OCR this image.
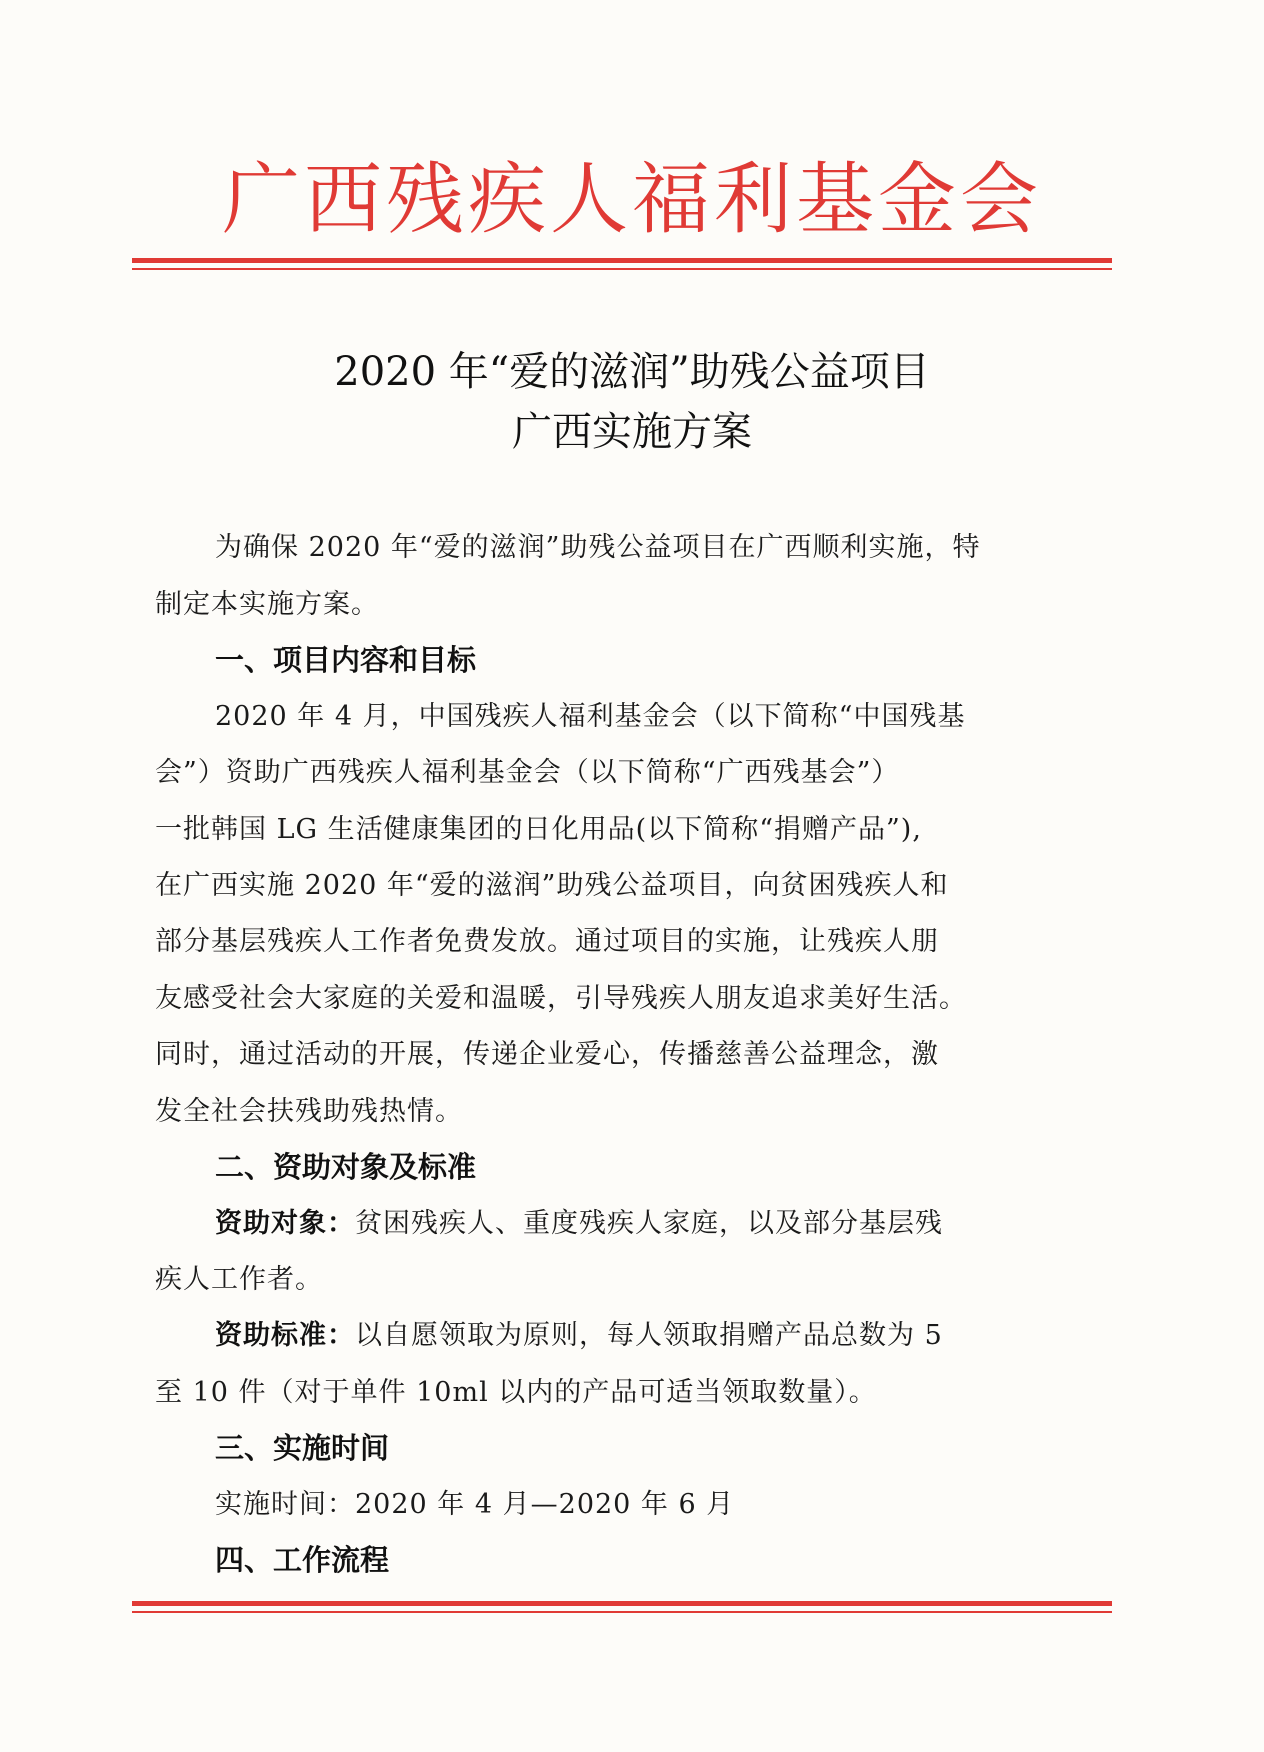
广西残疾人福利基金会
2020 年“爱的滋润”助残公益项目
广西实施方案
为确保 2020 年“爱的滋润”助残公益项目在广西顺利实施，特
制定本实施方案。
一、项目内容和目标
2020 年 4 月，中国残疾人福利基金会（以下简称“中国残基
会”）资助广西残疾人福利基金会（以下简称“广西残基会”）
一批韩国 LG 生活健康集团的日化用品(以下简称“捐赠产品”),
在广西实施 2020 年“爱的滋润”助残公益项目，向贫困残疾人和
部分基层残疾人工作者免费发放。通过项目的实施，让残疾人朋
友感受社会大家庭的关爱和温暖，引导残疾人朋友追求美好生活。
同时，通过活动的开展，传递企业爱心，传播慈善公益理念，激
发全社会扶残助残热情。
二、资助对象及标准
资助对象：贫困残疾人、重度残疾人家庭，以及部分基层残
疾人工作者。
资助标准：以自愿领取为原则，每人领取捐赠产品总数为 5
至 10 件（对于单件 10ml 以内的产品可适当领取数量）。
三、实施时间
实施时间：2020 年 4 月—2020 年 6 月
四、工作流程
